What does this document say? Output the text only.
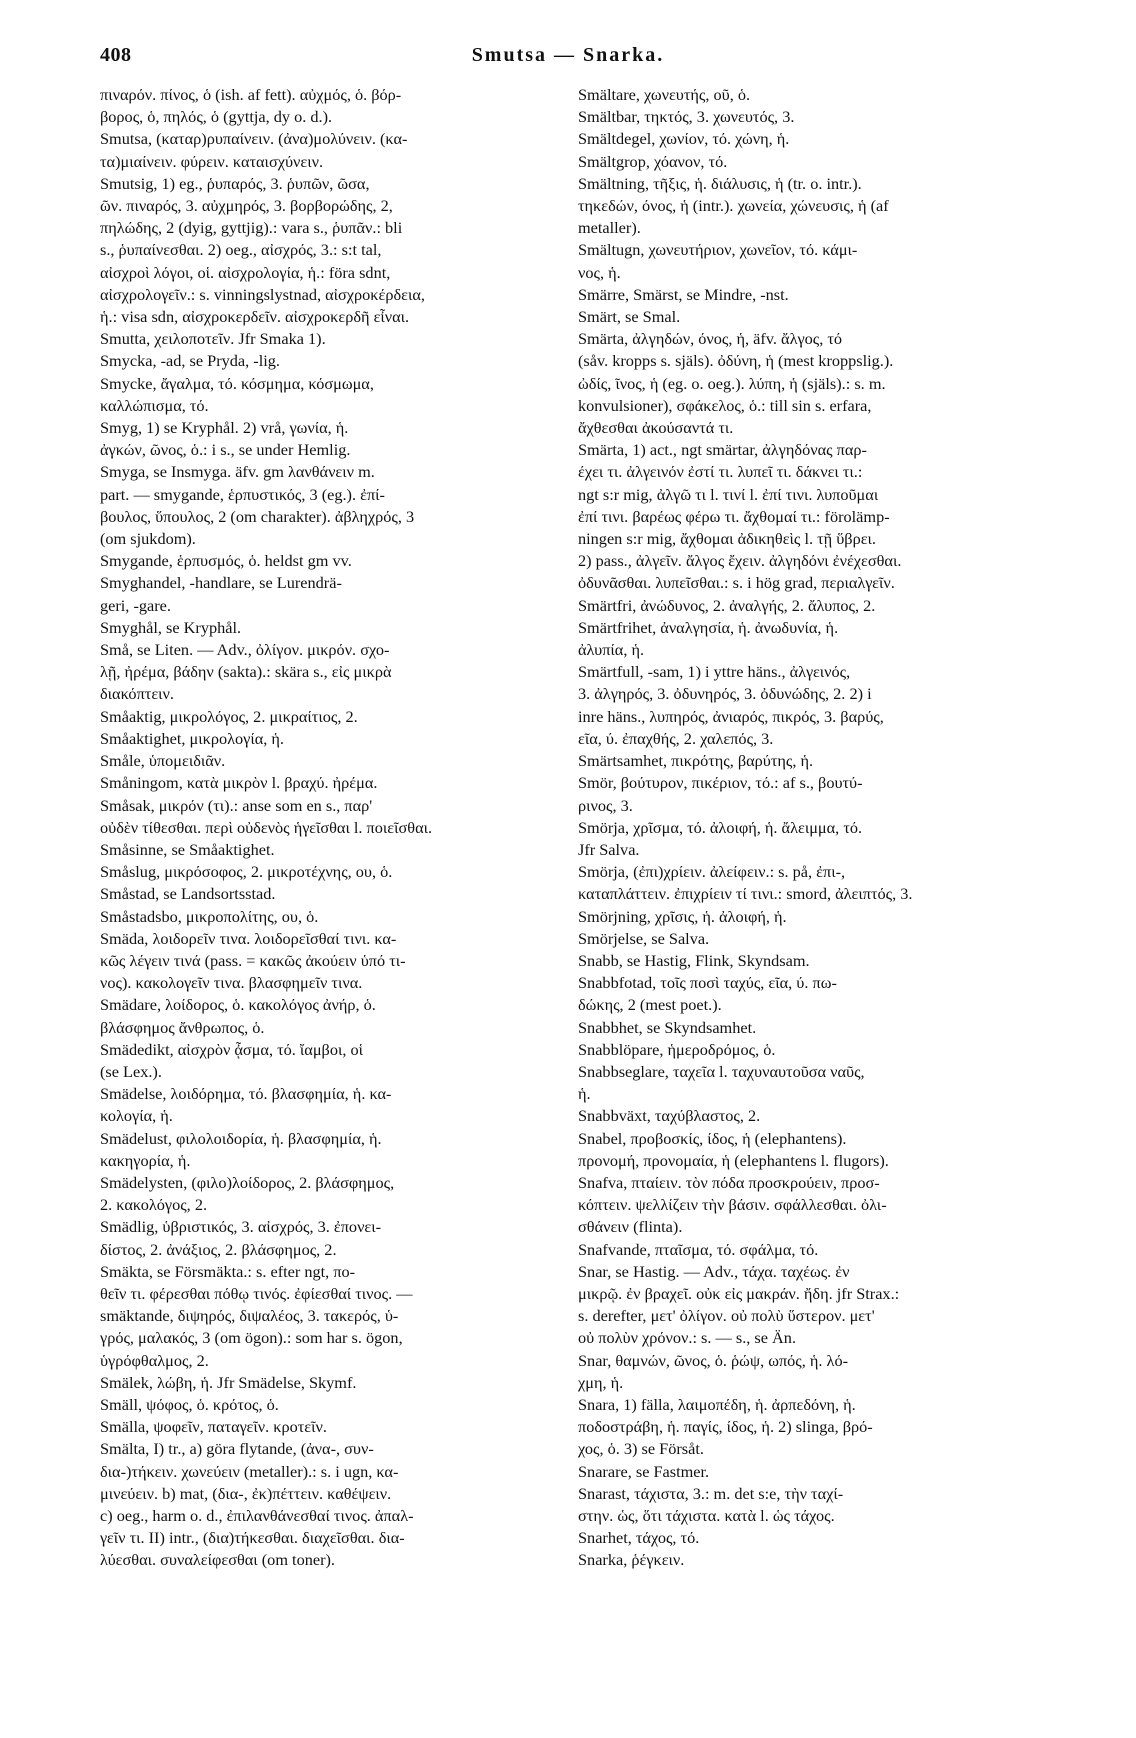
408	Smutsa — Snarka.
πιναρόν. πίνος, ὁ (ish. af fett). αὐχμός, ὁ. βόρ-
βορος, ὁ, πηλός, ὁ (gyttja, dy o. d.).
Smutsa, (καταρ)ρυπαίνειν. (ἀνα)μολύνειν. (κα-
τα)μιαίνειν. φύρειν. καταισχύνειν.
Smutsig, 1) eg., ῥυπαρός, 3. ῥυπῶν, ῶσα,
ῶν. πιναρός, 3. αὐχμηρός, 3. βορβορώδης, 2,
πηλώδης, 2 (dyig, gyttjig).: vara s., ῥυπᾶν.: bli
s., ῥυπαίνεσθαι. 2) oeg., αἰσχρός, 3.: s:t tal,
αἰσχροὶ λόγοι, οἱ. αἰσχρολογία, ἡ.: föra sdnt,
αἰσχρολογεῖν.: s. vinningslystnad, αἰσχροκέρδεια,
ἡ.: visa sdn, αἰσχροκερδεῖν. αἰσχροκερδῆ εἶναι.
Smutta, χειλοποτεῖν. Jfr Smaka 1).
Smycka, -ad, se Pryda, -lig.
Smycke, ἄγαλμα, τό. κόσμημα, κόσμωμα,
καλλώπισμα, τό.
Smyg, 1) se Kryphål. 2) vrå, γωνία, ἡ.
ἀγκών, ῶνος, ὁ.: i s., se under Hemlig.
Smyga, se Insmyga. äfv. gm λανθάνειν m.
part. — smygande, ἑρπυστικός, 3 (eg.). ἐπί-
βουλος, ὕπουλος, 2 (om charakter). ἀβληχρός, 3
(om sjukdom).
Smygande, ἑρπυσμός, ὁ. heldst gm vv.
Smyghandel, -handlare, se Lurendrä-
geri, -gare.
Smyghål, se Kryphål.
Små, se Liten. — Adv., ὀλίγον. μικρόν. σχο-
λῇ, ἠρέμα, βάδην (sakta).: skära s., εἰς μικρὰ
διακόπτειν.
Småaktig, μικρολόγος, 2. μικραίτιος, 2.
Småaktighet, μικρολογία, ἡ.
Småle, ὑπομειδιᾶν.
Småningom, κατὰ μικρὸν l. βραχύ. ἠρέμα.
Småsak, μικρόν (τι).: anse som en s., παρ'
οὐδὲν τίθεσθαι. περὶ οὐδενὸς ἡγεῖσθαι l. ποιεῖσθαι.
Småsinne, se Småaktighet.
Småslug, μικρόσοφος, 2. μικροτέχνης, ου, ὁ.
Småstad, se Landsortsstad.
Småstadsbo, μικροπολίτης, ου, ὁ.
Smäda, λοιδορεῖν τινα. λοιδορεῖσθαί τινι. κα-
κῶς λέγειν τινά (pass. = κακῶς ἀκούειν ὑπό τι-
νος). κακολογεῖν τινα. βλασφημεῖν τινα.
Smädare, λοίδορος, ὁ. κακολόγος ἀνήρ, ὁ.
βλάσφημος ἄνθρωπος, ὁ.
Smädedikt, αἰσχρὸν ᾆσμα, τό. ἴαμβοι, οἱ
(se Lex.).
Smädelse, λοιδόρημα, τό. βλασφημία, ἡ. κα-
κολογία, ἡ.
Smädelust, φιλολοιδορία, ἡ. βλασφημία, ἡ.
κακηγορία, ἡ.
Smädelysten, (φιλο)λοίδορος, 2. βλάσφημος,
2. κακολόγος, 2.
Smädlig, ὑβριστικός, 3. αἰσχρός, 3. ἐπονει-
δίστος, 2. ἀνάξιος, 2. βλάσφημος, 2.
Smäkta, se Försmäkta.: s. efter ngt, πο-
θεῖν τι. φέρεσθαι πόθῳ τινός. ἐφίεσθαί τινος. —
smäktande, διψηρός, διψαλέος, 3. τακερός, ὑ-
γρός, μαλακός, 3 (om ögon).: som har s. ögon,
ὑγρόφθαλμος, 2.
Smälek, λώβη, ἡ. Jfr Smädelse, Skymf.
Smäll, ψόφος, ὁ. κρότος, ὁ.
Smälla, ψοφεῖν, παταγεῖν. κροτεῖν.
Smälta, I) tr., a) göra flytande, (ἀνα-, συν-
δια-)τήκειν. χωνεύειν (metaller).: s. i ugn, κα-
μινεύειν. b) mat, (δια-, ἐκ)πέττειν. καθέψειν.
c) oeg., harm o. d., ἐπιλανθάνεσθαί τινος. ἀπαλ-
γεῖν τι. II) intr., (δια)τήκεσθαι. διαχεῖσθαι. δια-
λύεσθαι. συναλείφεσθαι (om toner).
Smältare, χωνευτής, οῦ, ὁ.
Smältbar, τηκτός, 3. χωνευτός, 3.
Smältdegel, χωνίον, τό. χώνη, ἡ.
Smältgrop, χόανον, τό.
Smältning, τῆξις, ἡ. διάλυσις, ἡ (tr. o. intr.).
τηκεδών, όνος, ἡ (intr.). χωνεία, χώνευσις, ἡ (af
metaller).
Smältugn, χωνευτήριον, χωνεῖον, τό. κάμι-
νος, ἡ.
Smärre, Smärst, se Mindre, -nst.
Smärt, se Smal.
Smärta, ἀλγηδών, όνος, ἡ, äfv. ἄλγος, τό
(såv. kropps s. själs). ὀδύνη, ἡ (mest kroppslig.).
ὠδίς, ῖνος, ἡ (eg. o. oeg.). λύπη, ἡ (själs).: s. m.
konvulsioner), σφάκελος, ὁ.: till sin s. erfara,
ἄχθεσθαι ἀκούσαντά τι.
Smärta, 1) act., ngt smärtar, ἀλγηδόνας παρ-
έχει τι. ἀλγεινόν ἐστί τι. λυπεῖ τι. δάκνει τι.:
ngt s:r mig, ἀλγῶ τι l. τινί l. ἐπί τινι. λυποῦμαι
ἐπί τινι. βαρέως φέρω τι. ἄχθομαί τι.: förolämp-
ningen s:r mig, ἄχθομαι ἀδικηθεὶς l. τῇ ὕβρει.
2) pass., ἀλγεῖν. ἄλγος ἔχειν. ἀλγηδόνι ἐνέχεσθαι.
ὀδυνᾶσθαι. λυπεῖσθαι.: s. i hög grad, περιαλγεῖν.
Smärtfri, ἀνώδυνος, 2. ἀναλγής, 2. ἄλυπος, 2.
Smärtfrihet, ἀναλγησία, ἡ. ἀνωδυνία, ἡ.
ἀλυπία, ἡ.
Smärtfull, -sam, 1) i yttre häns., ἀλγεινός,
3. ἀλγηρός, 3. ὀδυνηρός, 3. ὀδυνώδης, 2. 2) i
inre häns., λυπηρός, ἀνιαρός, πικρός, 3. βαρύς,
εῖα, ύ. ἐπαχθής, 2. χαλεπός, 3.
Smärtsamhet, πικρότης, βαρύτης, ἡ.
Smör, βούτυρον, πικέριον, τό.: af s., βουτύ-
ρινος, 3.
Smörja, χρῖσμα, τό. ἀλοιφή, ἡ. ἄλειμμα, τό.
Jfr Salva.
Smörja, (ἐπι)χρίειν. ἀλείφειν.: s. på, ἐπι-,
καταπλάττειν. ἐπιχρίειν τί τινι.: smord, ἀλειπτός, 3.
Smörjning, χρῖσις, ἡ. ἀλοιφή, ἡ.
Smörjelse, se Salva.
Snabb, se Hastig, Flink, Skyndsam.
Snabbfotad, τοῖς ποσὶ ταχύς, εῖα, ύ. πω-
δώκης, 2 (mest poet.).
Snabbhet, se Skyndsamhet.
Snabblöpare, ἡμεροδρόμος, ὁ.
Snabbseglare, ταχεῖα l. ταχυναυτοῦσα ναῦς,
ἡ.
Snabbväxt, ταχύβλαστος, 2.
Snabel, προβοσκίς, ίδος, ἡ (elephantens).
προνομή, προνομαία, ἡ (elephantens l. flugors).
Snafva, πταίειν. τὸν πόδα προσκρούειν, προσ-
κόπτειν. ψελλίζειν τὴν βάσιν. σφάλλεσθαι. ὀλι-
σθάνειν (flinta).
Snafvande, πταῖσμα, τό. σφάλμα, τό.
Snar, se Hastig. — Adv., τάχα. ταχέως. ἐν
μικρῷ. ἐν βραχεῖ. οὐκ εἰς μακράν. ἤδη. jfr Strax.:
s. derefter, μετ' ὀλίγον. οὐ πολὺ ὕστερον. μετ'
οὐ πολὺν χρόνον.: s. — s., se Än.
Snar, θαμνών, ῶνος, ὁ. ῥώψ, ωπός, ἡ. λό-
χμη, ἡ.
Snara, 1) fälla, λαιμοπέδη, ἡ. ἀρπεδόνη, ἡ.
ποδοστράβη, ἡ. παγίς, ίδος, ἡ. 2) slinga, βρό-
χος, ὁ. 3) se Försåt.
Snarare, se Fastmer.
Snarast, τάχιστα, 3.: m. det s:e, τὴν ταχί-
στην. ὡς, ὅτι τάχιστα. κατὰ l. ὡς τάχος.
Snarhet, τάχος, τό.
Snarka, ῥέγκειν.
